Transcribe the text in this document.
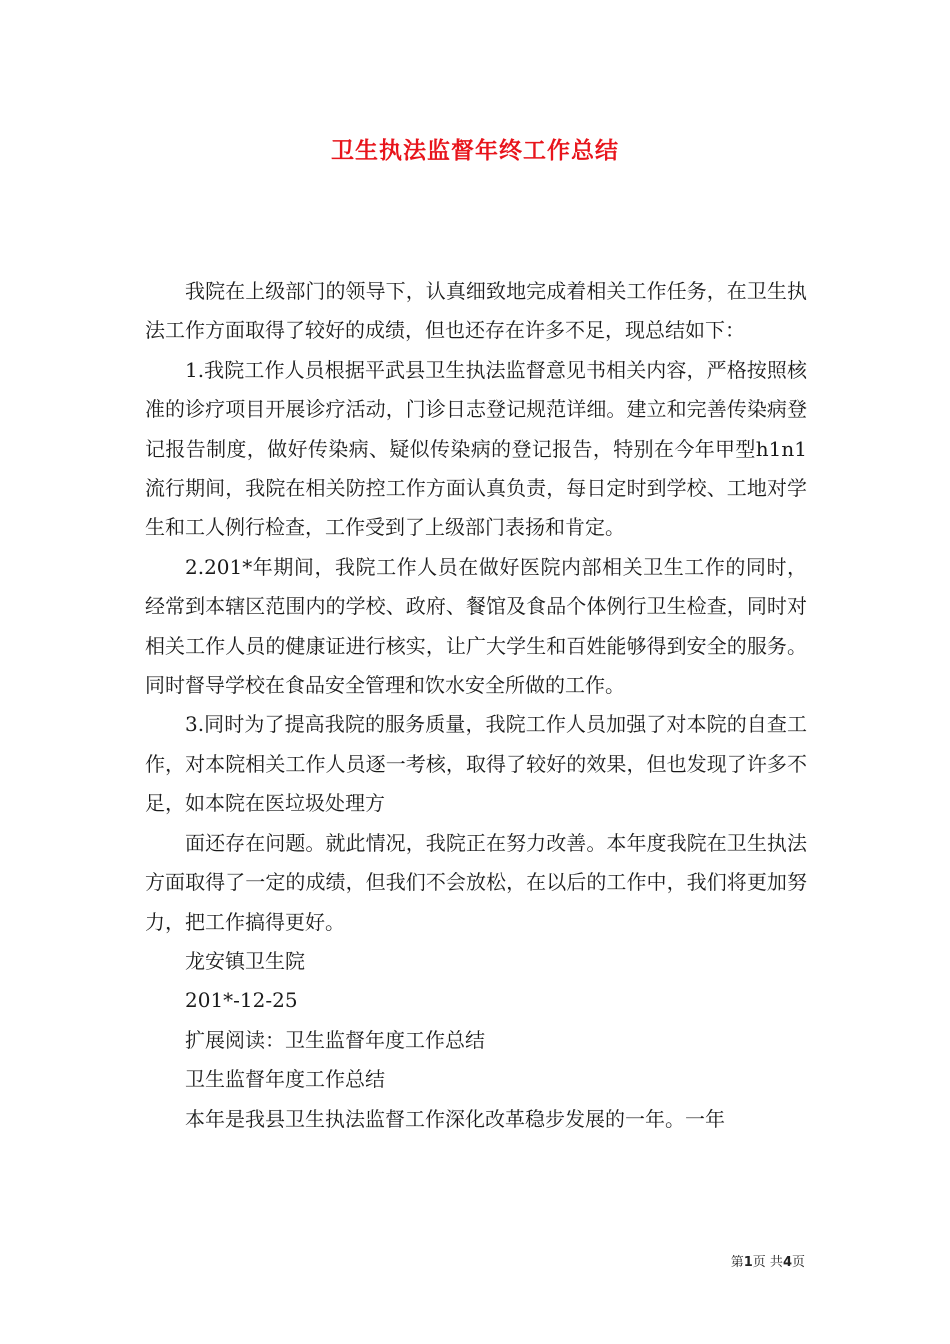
卫生执法监督年终工作总结

我院在上级部门的领导下，认真细致地完成着相关工作任务，在卫生执法工作方面取得了较好的成绩，但也还存在许多不足，现总结如下：

1.我院工作人员根据平武县卫生执法监督意见书相关内容，严格按照核准的诊疗项目开展诊疗活动，门诊日志登记规范详细。建立和完善传染病登记报告制度，做好传染病、疑似传染病的登记报告，特别在今年甲型h1n1流行期间，我院在相关防控工作方面认真负责，每日定时到学校、工地对学生和工人例行检查，工作受到了上级部门表扬和肯定。

2.201*年期间，我院工作人员在做好医院内部相关卫生工作的同时，经常到本辖区范围内的学校、政府、餐馆及食品个体例行卫生检查，同时对相关工作人员的健康证进行核实，让广大学生和百姓能够得到安全的服务。同时督导学校在食品安全管理和饮水安全所做的工作。

3.同时为了提高我院的服务质量，我院工作人员加强了对本院的自查工作，对本院相关工作人员逐一考核，取得了较好的效果，但也发现了许多不足，如本院在医垃圾处理方

面还存在问题。就此情况，我院正在努力改善。本年度我院在卫生执法方面取得了一定的成绩，但我们不会放松，在以后的工作中，我们将更加努力，把工作搞得更好。

龙安镇卫生院

201*-12-25

扩展阅读：卫生监督年度工作总结

卫生监督年度工作总结

本年是我县卫生执法监督工作深化改革稳步发展的一年。一年

第1页 共4页
